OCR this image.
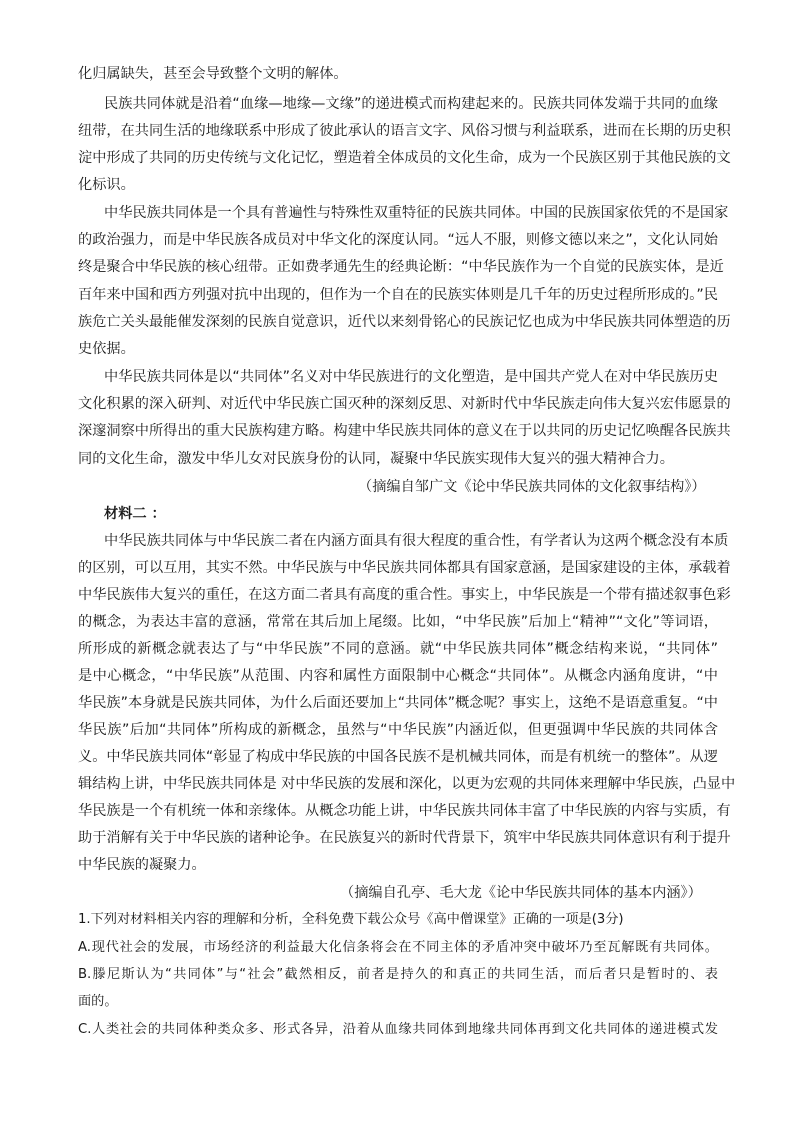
化归属缺失，甚至会导致整个文明的解体。
民族共同体就是沿着“血缘—地缘—文缘”的递进模式而构建起来的。民族共同体发端于共同的血缘
纽带，在共同生活的地缘联系中形成了彼此承认的语言文字、风俗习惯与利益联系，进而在长期的历史积
淀中形成了共同的历史传统与文化记忆，塑造着全体成员的文化生命，成为一个民族区别于其他民族的文
化标识。
中华民族共同体是一个具有普遍性与特殊性双重特征的民族共同体。中国的民族国家依凭的不是国家
的政治强力，而是中华民族各成员对中华文化的深度认同。“远人不服，则修文德以来之”，文化认同始
终是聚合中华民族的核心纽带。正如费孝通先生的经典论断：“中华民族作为一个自觉的民族实体，是近
百年来中国和西方列强对抗中出现的，但作为一个自在的民族实体则是几千年的历史过程所形成的。”民
族危亡关头最能催发深刻的民族自觉意识，近代以来刻骨铭心的民族记忆也成为中华民族共同体塑造的历
史依据。
中华民族共同体是以“共同体”名义对中华民族进行的文化塑造，是中国共产党人在对中华民族历史
文化积累的深入研判、对近代中华民族亡国灭种的深刻反思、对新时代中华民族走向伟大复兴宏伟愿景的
深邃洞察中所得出的重大民族构建方略。构建中华民族共同体的意义在于以共同的历史记忆唤醒各民族共
同的文化生命，激发中华儿女对民族身份的认同，凝聚中华民族实现伟大复兴的强大精神合力。
（摘编自邹广文《论中华民族共同体的文化叙事结构》）
材料二 ：
中华民族共同体与中华民族二者在内涵方面具有很大程度的重合性，有学者认为这两个概念没有本质
的区别，可以互用，其实不然。中华民族与中华民族共同体都具有国家意涵，是国家建设的主体，承载着
中华民族伟大复兴的重任，在这方面二者具有高度的重合性。事实上，中华民族是一个带有描述叙事色彩
的概念，为表达丰富的意涵，常常在其后加上尾缀。比如，“中华民族”后加上“精神”“文化”等词语，
所形成的新概念就表达了与“中华民族”不同的意涵。就“中华民族共同体”概念结构来说，“共同体”
是中心概念，“中华民族”从范围、内容和属性方面限制中心概念“共同体”。从概念内涵角度讲，“中
华民族”本身就是民族共同体，为什么后面还要加上“共同体”概念呢？事实上，这绝不是语意重复。“中
华民族”后加“共同体”所构成的新概念，虽然与“中华民族”内涵近似，但更强调中华民族的共同体含
义。中华民族共同体“彰显了构成中华民族的中国各民族不是机械共同体，而是有机统一的整体”。从逻
辑结构上讲，中华民族共同体是 对中华民族的发展和深化，以更为宏观的共同体来理解中华民族，凸显中
华民族是一个有机统一体和亲缘体。从概念功能上讲，中华民族共同体丰富了中华民族的内容与实质，有
助于消解有关于中华民族的诸种论争。在民族复兴的新时代背景下，筑牢中华民族共同体意识有利于提升
中华民族的凝聚力。
（摘编自孔亭、毛大龙《论中华民族共同体的基本内涵》）
1.下列对材料相关内容的理解和分析，全科免费下载公众号《高中僧课堂》正确的一项是(3分)
A.现代社会的发展，市场经济的利益最大化信条将会在不同主体的矛盾冲突中破坏乃至瓦解既有共同体。
B.滕尼斯认为“共同体”与“社会”截然相反，前者是持久的和真正的共同生活，而后者只是暂时的、表
面的。
C.人类社会的共同体种类众多、形式各异，沿着从血缘共同体到地缘共同体再到文化共同体的递进模式发
